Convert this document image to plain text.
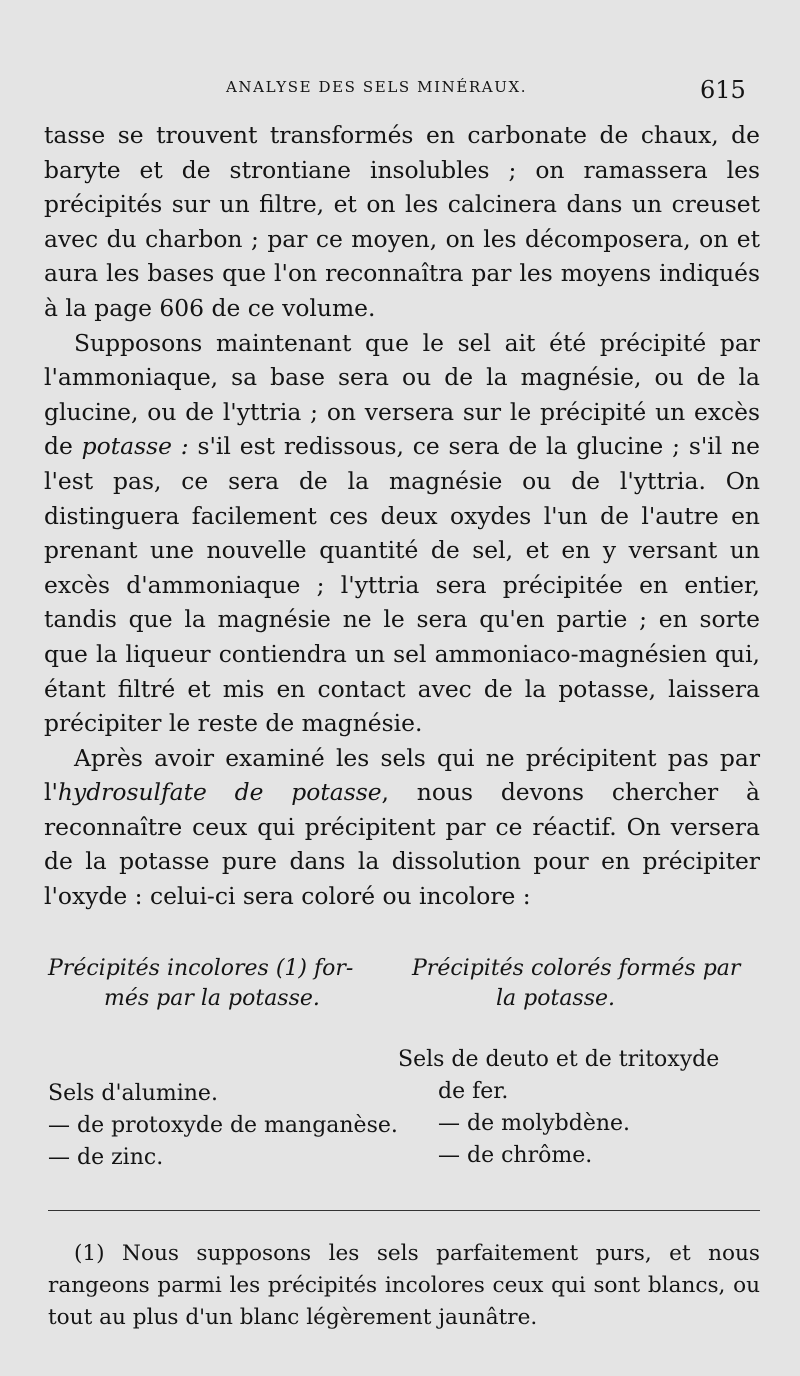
ANALYSE DES SELS MINÉRAUX.	615

tasse se trouvent transformés en carbonate de chaux, de baryte et de strontiane insolubles ; on ramassera les précipités sur un filtre, et on les calcinera dans un creuset avec du charbon ; par ce moyen, on les décomposera, on et aura les bases que l'on reconnaîtra par les moyens indiqués à la page 606 de ce volume.

Supposons maintenant que le sel ait été précipité par l'ammoniaque, sa base sera ou de la magnésie, ou de la glucine, ou de l'yttria ; on versera sur le précipité un excès de potasse : s'il est redissous, ce sera de la glucine ; s'il ne l'est pas, ce sera de la magnésie ou de l'yttria. On distinguera facilement ces deux oxydes l'un de l'autre en prenant une nouvelle quantité de sel, et en y versant un excès d'ammoniaque ; l'yttria sera précipitée en entier, tandis que la magnésie ne le sera qu'en partie ; en sorte que la liqueur contiendra un sel ammoniaco-magnésien qui, étant filtré et mis en contact avec de la potasse, laissera précipiter le reste de magnésie.

Après avoir examiné les sels qui ne précipitent pas par l'hydrosulfate de potasse, nous devons chercher à reconnaître ceux qui précipitent par ce réactif. On versera de la potasse pure dans la dissolution pour en précipiter l'oxyde : celui-ci sera coloré ou incolore :

Précipités incolores (1) for-
més par la potasse.
Précipités colorés formés par
la potasse.
Sels d'alumine.
— de protoxyde de manganèse.
— de zinc.
Sels de deuto et de tritoxyde
de fer.
— de molybdène.
— de chrôme.

(1) Nous supposons les sels parfaitement purs, et nous rangeons parmi les précipités incolores ceux qui sont blancs, ou tout au plus d'un blanc légèrement jaunâtre.
